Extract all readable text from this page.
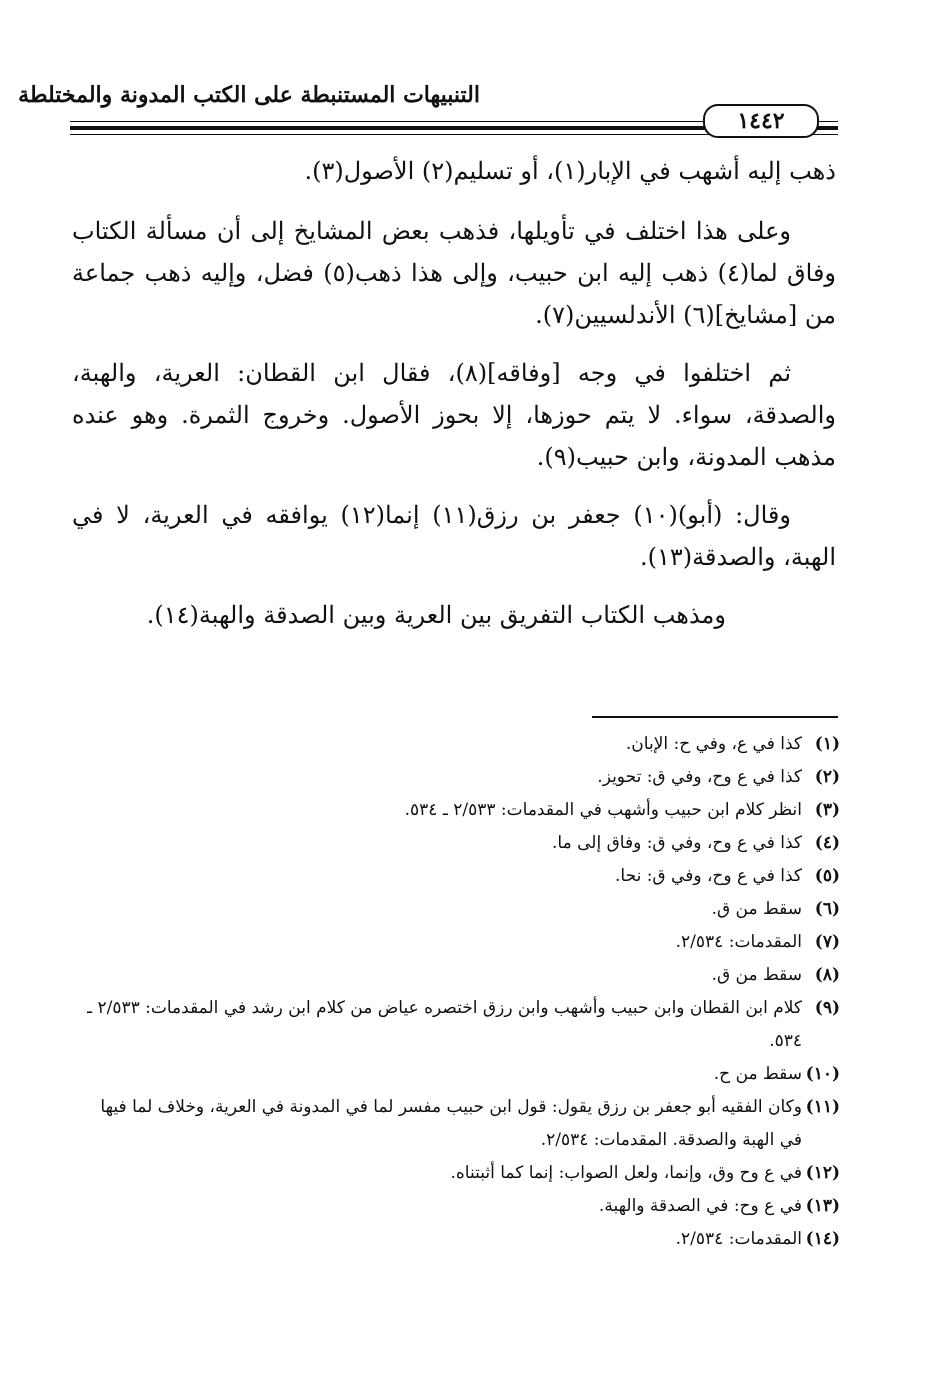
التنبيهات المستنبطة على الكتب المدونة والمختلطة
١٤٤٢

ذهب إليه أشهب في الإبار(١)، أو تسليم(٢) الأصول(٣).

وعلى هذا اختلف في تأويلها، فذهب بعض المشايخ إلى أن مسألة الكتاب وفاق لما(٤) ذهب إليه ابن حبيب، وإلى هذا ذهب(٥) فضل، وإليه ذهب جماعة من [مشايخ](٦) الأندلسيين(٧).

ثم اختلفوا في وجه [وفاقه](٨)، فقال ابن القطان: العرية، والهبة، والصدقة، سواء. لا يتم حوزها، إلا بحوز الأصول. وخروج الثمرة. وهو عنده مذهب المدونة، وابن حبيب(٩).

وقال: (أبو)(١٠) جعفر بن رزق(١١) إنما(١٢) يوافقه في العرية، لا في الهبة، والصدقة(١٣).

ومذهب الكتاب التفريق بين العرية وبين الصدقة والهبة(١٤).

(١)
كذا في ع، وفي ح: الإبان.
(٢)
كذا في ع وح، وفي ق: تحويز.
(٣)
انظر كلام ابن حبيب وأشهب في المقدمات: ٢/٥٣٣ ـ ٥٣٤.
(٤)
كذا في ع وح، وفي ق: وفاق إلى ما.
(٥)
كذا في ع وح، وفي ق: نحا.
(٦)
سقط من ق.
(٧)
المقدمات: ٢/٥٣٤.
(٨)
سقط من ق.
(٩)
كلام ابن القطان وابن حبيب وأشهب وابن رزق اختصره عياض من كلام ابن رشد في المقدمات: ٢/٥٣٣ ـ ٥٣٤.
(١٠)
سقط من ح.
(١١)
وكان الفقيه أبو جعفر بن رزق يقول: قول ابن حبيب مفسر لما في المدونة في العرية، وخلاف لما فيها في الهبة والصدقة. المقدمات: ٢/٥٣٤.
(١٢)
في ع وح وق، وإنما، ولعل الصواب: إنما كما أثبتناه.
(١٣)
في ع وح: في الصدقة والهبة.
(١٤)
المقدمات: ٢/٥٣٤.
